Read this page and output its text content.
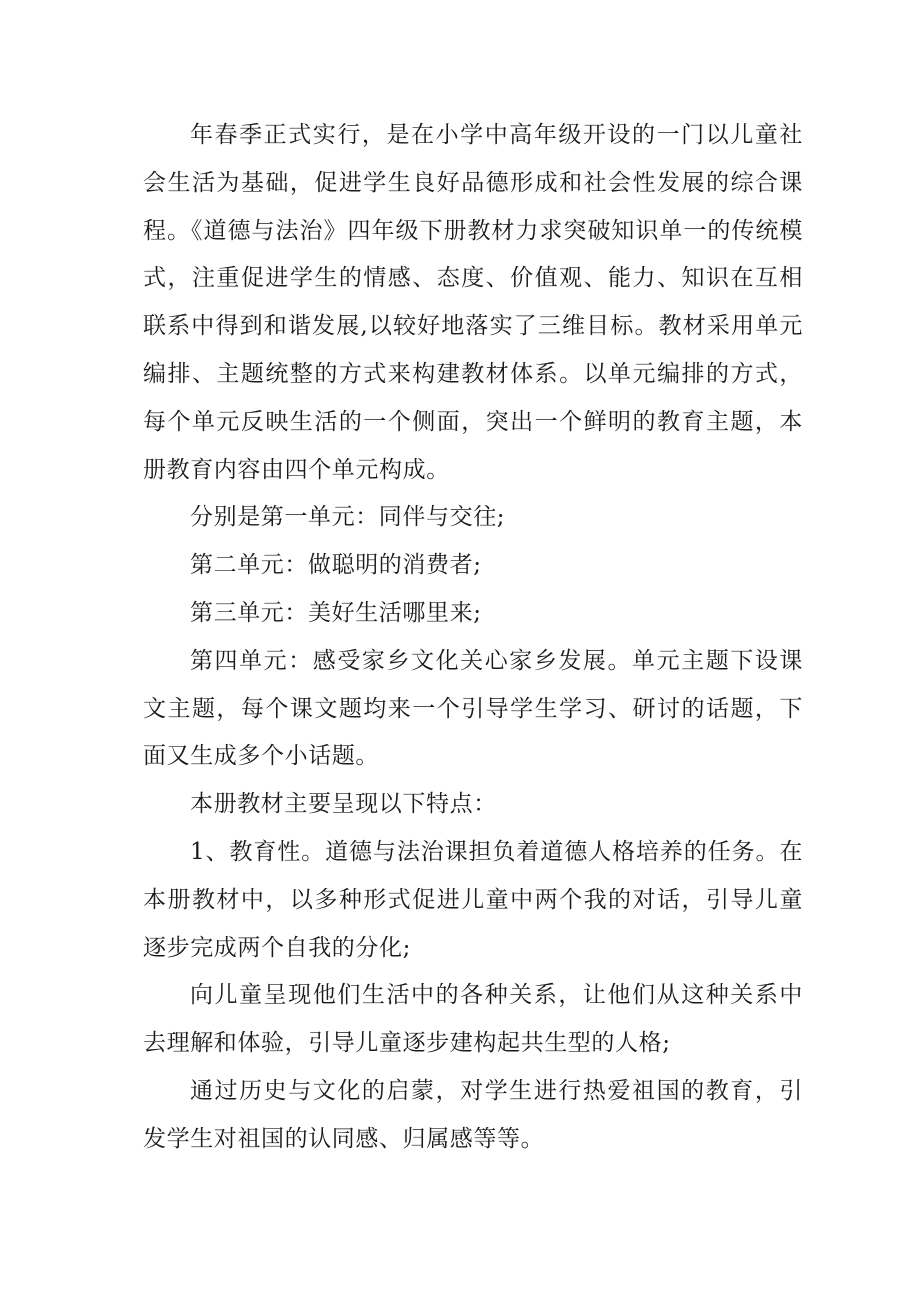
年春季正式实行，是在小学中高年级开设的一门以儿童社会生活为基础，促进学生良好品德形成和社会性发展的综合课程。《道德与法治》四年级下册教材力求突破知识单一的传统模式，注重促进学生的情感、态度、价值观、能力、知识在互相联系中得到和谐发展,以较好地落实了三维目标。教材采用单元编排、主题统整的方式来构建教材体系。以单元编排的方式，每个单元反映生活的一个侧面，突出一个鲜明的教育主题，本册教育内容由四个单元构成。

分别是第一单元：同伴与交往;

第二单元：做聪明的消费者;

第三单元：美好生活哪里来;

第四单元：感受家乡文化关心家乡发展。单元主题下设课文主题，每个课文题均来一个引导学生学习、研讨的话题，下面又生成多个小话题。

本册教材主要呈现以下特点：

1、教育性。道德与法治课担负着道德人格培养的任务。在本册教材中，以多种形式促进儿童中两个我的对话，引导儿童逐步完成两个自我的分化;

向儿童呈现他们生活中的各种关系，让他们从这种关系中去理解和体验，引导儿童逐步建构起共生型的人格;

通过历史与文化的启蒙，对学生进行热爱祖国的教育，引发学生对祖国的认同感、归属感等等。
